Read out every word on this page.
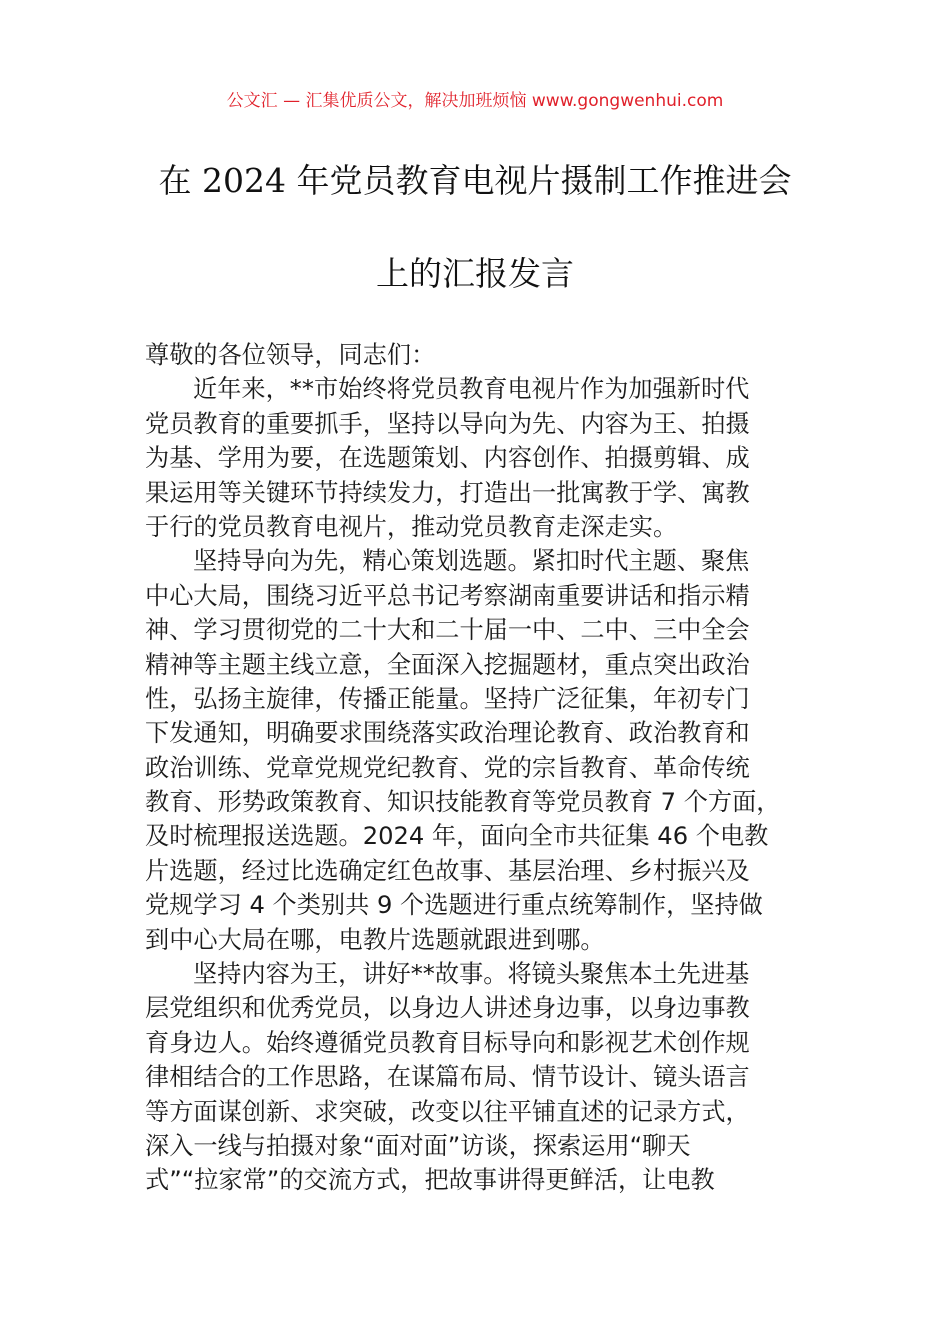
公文汇 — 汇集优质公文，解决加班烦恼 www.gongwenhui.com
在 2024 年党员教育电视片摄制工作推进会
上的汇报发言
尊敬的各位领导，同志们：
近年来，**市始终将党员教育电视片作为加强新时代
党员教育的重要抓手，坚持以导向为先、内容为王、拍摄
为基、学用为要，在选题策划、内容创作、拍摄剪辑、成
果运用等关键环节持续发力，打造出一批寓教于学、寓教
于行的党员教育电视片，推动党员教育走深走实。
坚持导向为先，精心策划选题。紧扣时代主题、聚焦
中心大局，围绕习近平总书记考察湖南重要讲话和指示精
神、学习贯彻党的二十大和二十届一中、二中、三中全会
精神等主题主线立意，全面深入挖掘题材，重点突出政治
性，弘扬主旋律，传播正能量。坚持广泛征集，年初专门
下发通知，明确要求围绕落实政治理论教育、政治教育和
政治训练、党章党规党纪教育、党的宗旨教育、革命传统
教育、形势政策教育、知识技能教育等党员教育 7 个方面，
及时梳理报送选题。2024 年，面向全市共征集 46 个电教
片选题，经过比选确定红色故事、基层治理、乡村振兴及
党规学习 4 个类别共 9 个选题进行重点统筹制作，坚持做
到中心大局在哪，电教片选题就跟进到哪。
坚持内容为王，讲好**故事。将镜头聚焦本土先进基
层党组织和优秀党员，以身边人讲述身边事，以身边事教
育身边人。始终遵循党员教育目标导向和影视艺术创作规
律相结合的工作思路，在谋篇布局、情节设计、镜头语言
等方面谋创新、求突破，改变以往平铺直述的记录方式，
深入一线与拍摄对象“面对面”访谈，探索运用“聊天
式”“拉家常”的交流方式，把故事讲得更鲜活，让电教
